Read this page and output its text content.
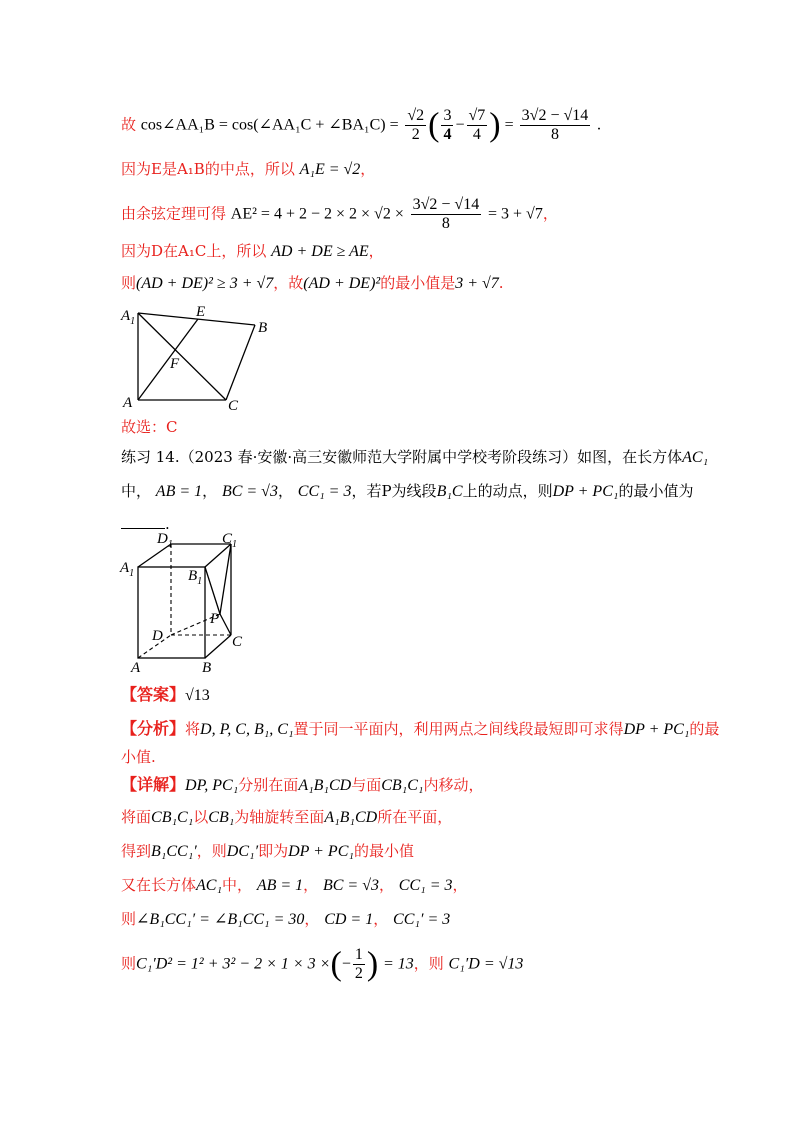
故 cos∠AA₁B = cos(∠AA₁C + ∠BA₁C) = $\frac{√2}{2}$ ( $\frac{3}{4} - \frac{√7}{4}$ ) = $\frac{3√2 - √14}{8}$ .
因为E是A₁B的中点，所以 A₁E = √2，
由余弦定理可得 $AE^2 = 4 + 2 - 2 \times 2 \times √2 \times \frac{3√2 - √14}{8} = 3 + √7$，
因为D在A₁C上，所以 AD + DE ≥ AE，
则(AD + DE)² ≥ 3 + √7，故(AD + DE)²的最小值是3 + √7.
$A_1$
E
B
F
A	C
故选：C
练习 14.（2023 春·安徽·高三安徽师范大学附属中学校考阶段练习）如图，在长方体AC₁
中， AB = 1， BC = √3， CC₁ = 3，若P为线段B₁C上的动点，则DP + PC₁的最小值为
.
$D_1$	$C_1$
$A_1$	$B_1$
P
D	C
A	B
【答案】√13
【分析】将D, P, C, B₁, C₁置于同一平面内，利用两点之间线段最短即可求得DP + PC₁的最
小值.
【详解】DP, PC₁分别在面A₁B₁CD与面CB₁C₁内移动，
将面CB₁C₁以CB₁为轴旋转至面A₁B₁CD所在平面，
得到B₁CC₁′，则DC₁′即为DP + PC₁的最小值
又在长方体AC₁中， AB = 1， BC = √3， CC₁ = 3，
则∠B₁CC₁′ = ∠B₁CC₁ = 30， CD = 1， CC₁′ = 3
则C₁′D² = 1² + 3² − 2 × 1 × 3 ×(− $\frac{1}{2}$ ) = 13，则 C₁′D = √13
